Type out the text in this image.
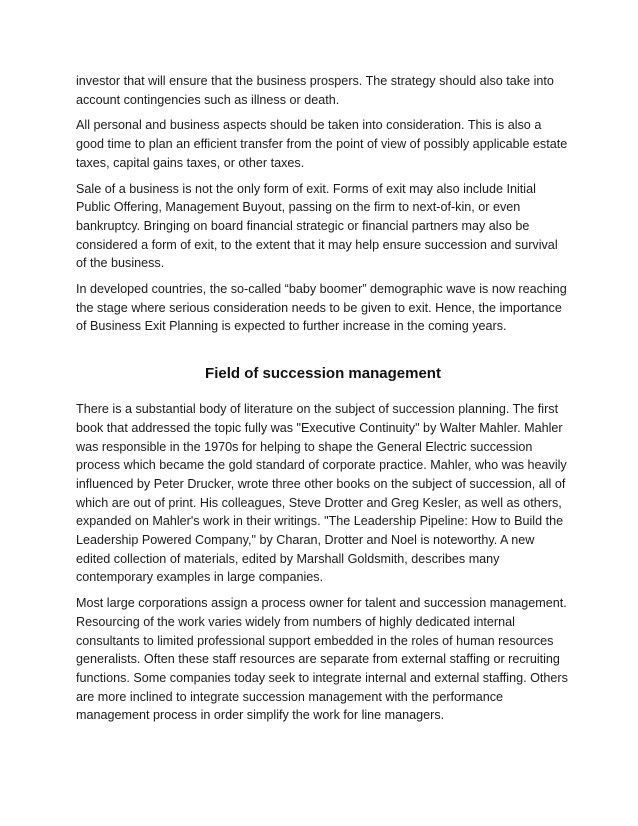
investor that will ensure that the business prospers. The strategy should also take into account contingencies such as illness or death.

All personal and business aspects should be taken into consideration. This is also a good time to plan an efficient transfer from the point of view of possibly applicable estate taxes, capital gains taxes, or other taxes.

Sale of a business is not the only form of exit. Forms of exit may also include Initial Public Offering, Management Buyout, passing on the firm to next-of-kin, or even bankruptcy. Bringing on board financial strategic or financial partners may also be considered a form of exit, to the extent that it may help ensure succession and survival of the business.

In developed countries, the so-called “baby boomer” demographic wave is now reaching the stage where serious consideration needs to be given to exit. Hence, the importance of Business Exit Planning is expected to further increase in the coming years.

Field of succession management

There is a substantial body of literature on the subject of succession planning. The first book that addressed the topic fully was "Executive Continuity" by Walter Mahler. Mahler was responsible in the 1970s for helping to shape the General Electric succession process which became the gold standard of corporate practice. Mahler, who was heavily influenced by Peter Drucker, wrote three other books on the subject of succession, all of which are out of print. His colleagues, Steve Drotter and Greg Kesler, as well as others, expanded on Mahler's work in their writings. "The Leadership Pipeline: How to Build the Leadership Powered Company," by Charan, Drotter and Noel is noteworthy. A new edited collection of materials, edited by Marshall Goldsmith, describes many contemporary examples in large companies.

Most large corporations assign a process owner for talent and succession management. Resourcing of the work varies widely from numbers of highly dedicated internal consultants to limited professional support embedded in the roles of human resources generalists. Often these staff resources are separate from external staffing or recruiting functions. Some companies today seek to integrate internal and external staffing. Others are more inclined to integrate succession management with the performance management process in order simplify the work for line managers.
